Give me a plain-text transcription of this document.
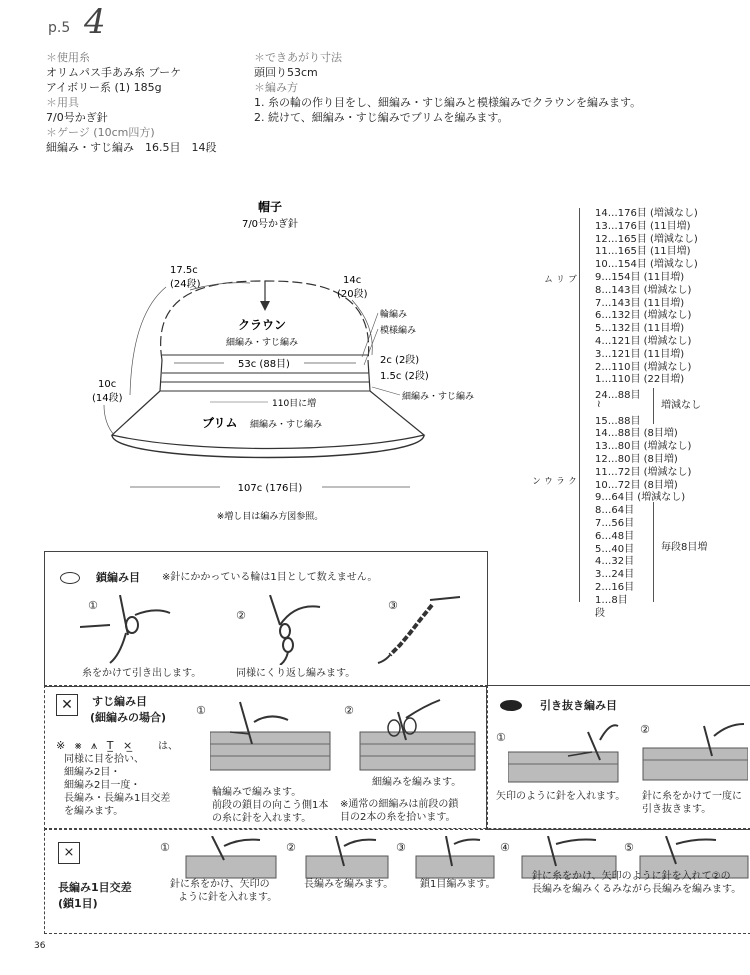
p.5 4
＊使用糸
オリムパス手あみ糸 ブーケ
アイボリー系 (1) 185g
＊用具
7/0号かぎ針
＊ゲージ (10cm四方)
細編み・すじ編み　16.5目　14段
＊できあがり寸法
頭回り53cm
＊編み方
1. 糸の輪の作り目をし、細編み・すじ編みと模様編みでクラウンを編みます。
2. 続けて、細編み・すじ編みでブリムを編みます。
帽子
7/0号かぎ針
クラウン
細編み・すじ編み
53c (88目)
17.5c
(24段)	14c
(20段)
輪編み
模様編み
2c (2段)
1.5c (2段)
細編み・すじ編み
10c
(14段)	110目に増
ブリム 細編み・すじ編み
107c (176目)
※増し目は編み方図参照。
ブリム
14…176目 (増減なし)
13…176目 (11目増)
12…165目 (増減なし)
11…165目 (11目増)
10…154目 (増減なし)
9…154目 (11目増)
8…143目 (増減なし)
7…143目 (11目増)
6…132目 (増減なし)
5…132目 (11目増)
4…121目 (増減なし)
3…121目 (11目増)
2…110目 (増減なし)
1…110目 (22目増)
クラウン
24…88目
≀
15…88目
14…88目 (8目増)
13…80目 (増減なし)
12…80目 (8目増)
11…72目 (増減なし)
10…72目 (8目増)
9…64目 (増減なし)
8…64目
7…56目
6…48目
5…40目
4…32目
3…24目
2…16目
1…8目
段
増減なし
毎段8目増
鎖編み目 ※針にかかっている輪は1目として数えません。
①
②
③
糸をかけて引き出します。	同様にくり返し編みます。
✕	すじ編み目
(細編みの場合)
※ ⨳ ⩚ T̲ ⨯̲ は、
同様に目を拾い、
細編み2目・
細編み2目一度・
長編み・長編み1目交差
を編みます。
①	②
輪編みで編みます。
前段の鎖目の向こう側1本
の糸に針を入れます。
細編みを編みます。
※通常の細編みは前段の鎖
目の2本の糸を拾います。
引き抜き編み目
①
②
矢印のように針を入れます。 針に糸をかけて一度に
引き抜きます。
⨯
長編み1目交差
(鎖1目)
①	②	③	④	⑤
針に糸をかけ、矢印の
ように針を入れます。
長編みを編みます。	鎖1目編みます。
針に糸をかけ、矢印のように針を入れて②の
長編みを編みくるみながら長編みを編みます。
36
